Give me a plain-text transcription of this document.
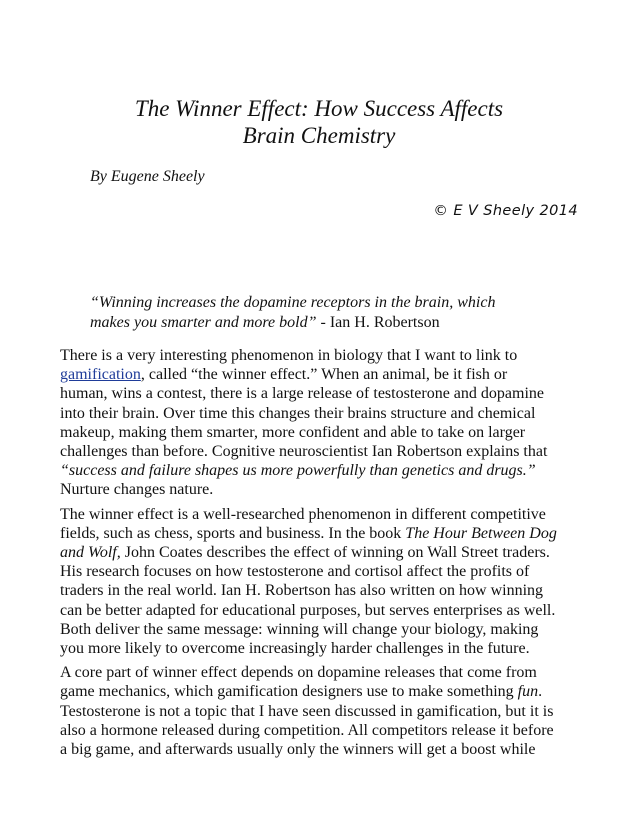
The Winner Effect: How Success Affects
Brain Chemistry
By Eugene Sheely
© E V Sheely 2014
“Winning increases the dopamine receptors in the brain, which
makes you smarter and more bold” - Ian H. Robertson

There is a very interesting phenomenon in biology that I want to link to
gamification, called “the winner effect.” When an animal, be it fish or
human, wins a contest, there is a large release of testosterone and dopamine
into their brain. Over time this changes their brains structure and chemical
makeup, making them smarter, more confident and able to take on larger
challenges than before. Cognitive neuroscientist Ian Robertson explains that
“success and failure shapes us more powerfully than genetics and drugs.”
Nurture changes nature.

The winner effect is a well-researched phenomenon in different competitive
fields, such as chess, sports and business. In the book The Hour Between Dog
and Wolf, John Coates describes the effect of winning on Wall Street traders.
His research focuses on how testosterone and cortisol affect the profits of
traders in the real world. Ian H. Robertson has also written on how winning
can be better adapted for educational purposes, but serves enterprises as well.
Both deliver the same message: winning will change your biology, making
you more likely to overcome increasingly harder challenges in the future.

A core part of winner effect depends on dopamine releases that come from
game mechanics, which gamification designers use to make something fun.
Testosterone is not a topic that I have seen discussed in gamification, but it is
also a hormone released during competition. All competitors release it before
a big game, and afterwards usually only the winners will get a boost while
